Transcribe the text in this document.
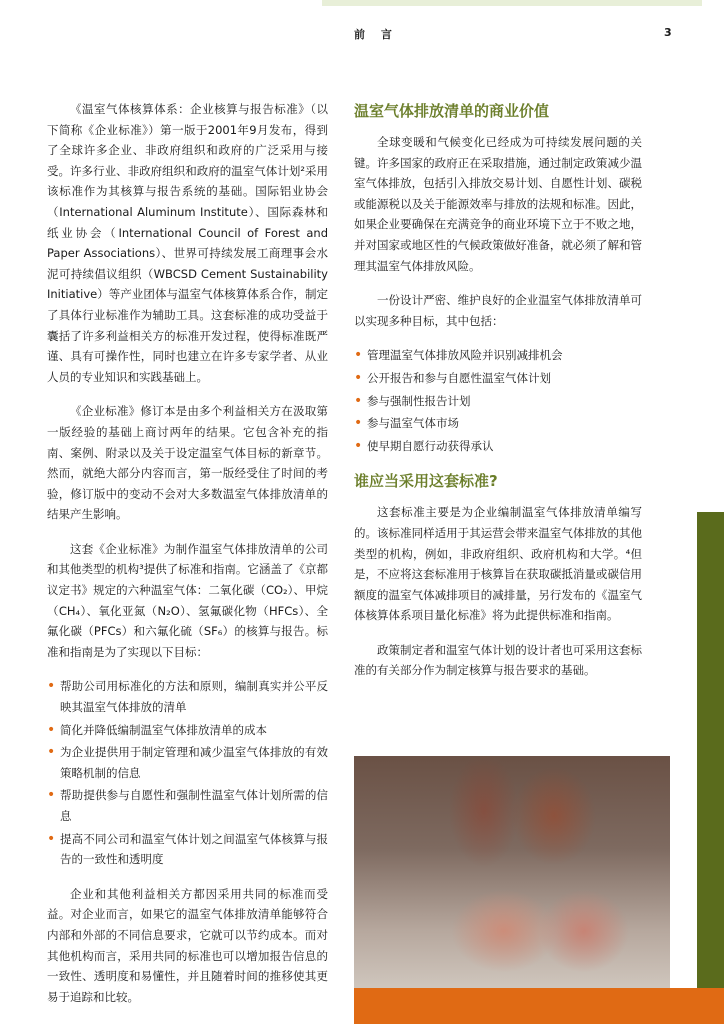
前 言	3

《温室气体核算体系：企业核算与报告标准》（以下简称《企业标准》）第一版于2001年9月发布，得到了全球许多企业、非政府组织和政府的广泛采用与接受。许多行业、非政府组织和政府的温室气体计划²采用该标准作为其核算与报告系统的基础。国际铝业协会（International Aluminum Institute）、国际森林和纸业协会（International Council of Forest and Paper Associations）、世界可持续发展工商理事会水泥可持续倡议组织（WBCSD Cement Sustainability Initiative）等产业团体与温室气体核算体系合作，制定了具体行业标准作为辅助工具。这套标准的成功受益于囊括了许多利益相关方的标准开发过程，使得标准既严谨、具有可操作性，同时也建立在许多专家学者、从业人员的专业知识和实践基础上。

《企业标准》修订本是由多个利益相关方在汲取第一版经验的基础上商讨两年的结果。它包含补充的指南、案例、附录以及关于设定温室气体目标的新章节。然而，就绝大部分内容而言，第一版经受住了时间的考验，修订版中的变动不会对大多数温室气体排放清单的结果产生影响。

这套《企业标准》为制作温室气体排放清单的公司和其他类型的机构³提供了标准和指南。它涵盖了《京都议定书》规定的六种温室气体：二氧化碳（CO₂）、甲烷（CH₄）、氧化亚氮（N₂O）、氢氟碳化物（HFCs）、全氟化碳（PFCs）和六氟化硫（SF₆）的核算与报告。标准和指南是为了实现以下目标：

• 帮助公司用标准化的方法和原则，编制真实并公平反映其温室气体排放的清单
• 简化并降低编制温室气体排放清单的成本
• 为企业提供用于制定管理和减少温室气体排放的有效策略机制的信息
• 帮助提供参与自愿性和强制性温室气体计划所需的信息
• 提高不同公司和温室气体计划之间温室气体核算与报告的一致性和透明度

企业和其他利益相关方都因采用共同的标准而受益。对企业而言，如果它的温室气体排放清单能够符合内部和外部的不同信息要求，它就可以节约成本。而对其他机构而言，采用共同的标准也可以增加报告信息的一致性、透明度和易懂性，并且随着时间的推移使其更易于追踪和比较。

温室气体排放清单的商业价值

全球变暖和气候变化已经成为可持续发展问题的关键。许多国家的政府正在采取措施，通过制定政策减少温室气体排放，包括引入排放交易计划、自愿性计划、碳税或能源税以及关于能源效率与排放的法规和标准。因此，如果企业要确保在充满竞争的商业环境下立于不败之地，并对国家或地区性的气候政策做好准备，就必须了解和管理其温室气体排放风险。

一份设计严密、维护良好的企业温室气体排放清单可以实现多种目标，其中包括：

• 管理温室气体排放风险并识别减排机会
• 公开报告和参与自愿性温室气体计划
• 参与强制性报告计划
• 参与温室气体市场
• 使早期自愿行动获得承认
谁应当采用这套标准?

这套标准主要是为企业编制温室气体排放清单编写的。该标准同样适用于其运营会带来温室气体排放的其他类型的机构，例如，非政府组织、政府机构和大学。⁴但是，不应将这套标准用于核算旨在获取碳抵消量或碳信用额度的温室气体减排项目的减排量，另行发布的《温室气体核算体系项目量化标准》将为此提供标准和指南。

政策制定者和温室气体计划的设计者也可采用这套标准的有关部分作为制定核算与报告要求的基础。
